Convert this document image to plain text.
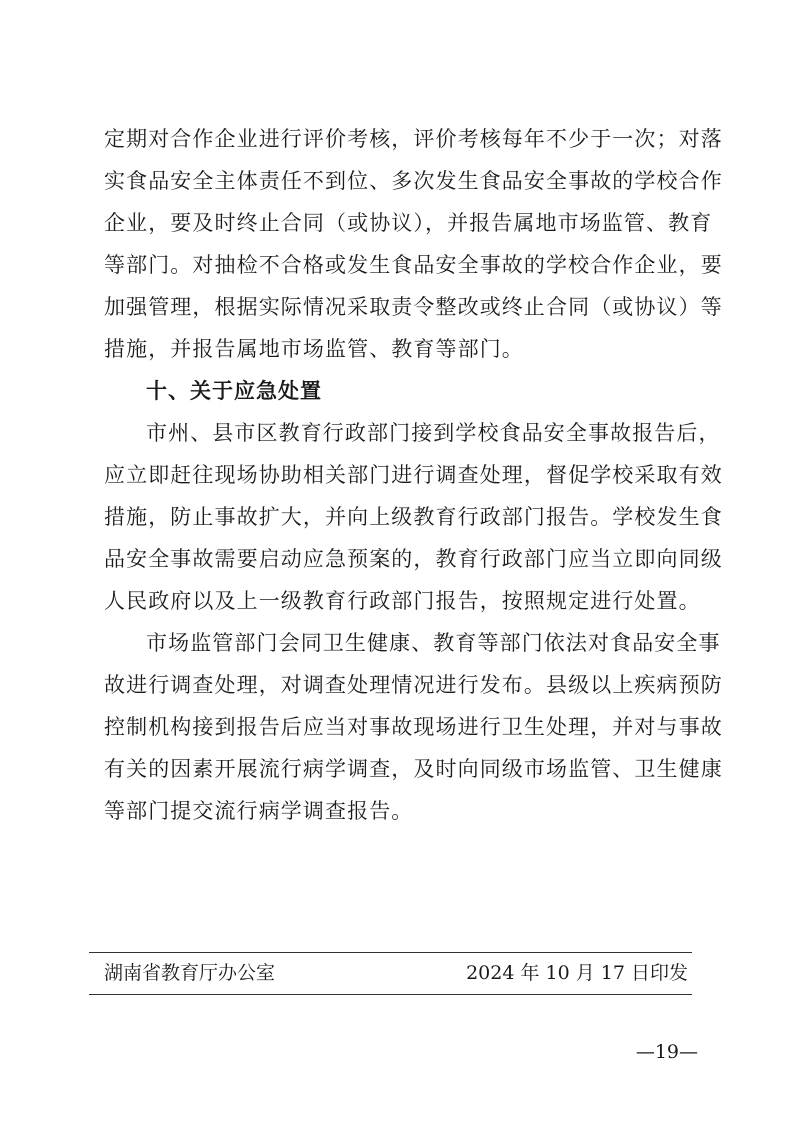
定期对合作企业进行评价考核，评价考核每年不少于一次；对落
实食品安全主体责任不到位、多次发生食品安全事故的学校合作
企业，要及时终止合同（或协议），并报告属地市场监管、教育
等部门。对抽检不合格或发生食品安全事故的学校合作企业，要
加强管理，根据实际情况采取责令整改或终止合同（或协议）等
措施，并报告属地市场监管、教育等部门。
十、关于应急处置
市州、县市区教育行政部门接到学校食品安全事故报告后，
应立即赶往现场协助相关部门进行调查处理，督促学校采取有效
措施，防止事故扩大，并向上级教育行政部门报告。学校发生食
品安全事故需要启动应急预案的，教育行政部门应当立即向同级
人民政府以及上一级教育行政部门报告，按照规定进行处置。
市场监管部门会同卫生健康、教育等部门依法对食品安全事
故进行调查处理，对调查处理情况进行发布。县级以上疾病预防
控制机构接到报告后应当对事故现场进行卫生处理，并对与事故
有关的因素开展流行病学调查，及时向同级市场监管、卫生健康
等部门提交流行病学调查报告。
湖南省教育厅办公室	2024 年 10 月 17 日印发
—19—
